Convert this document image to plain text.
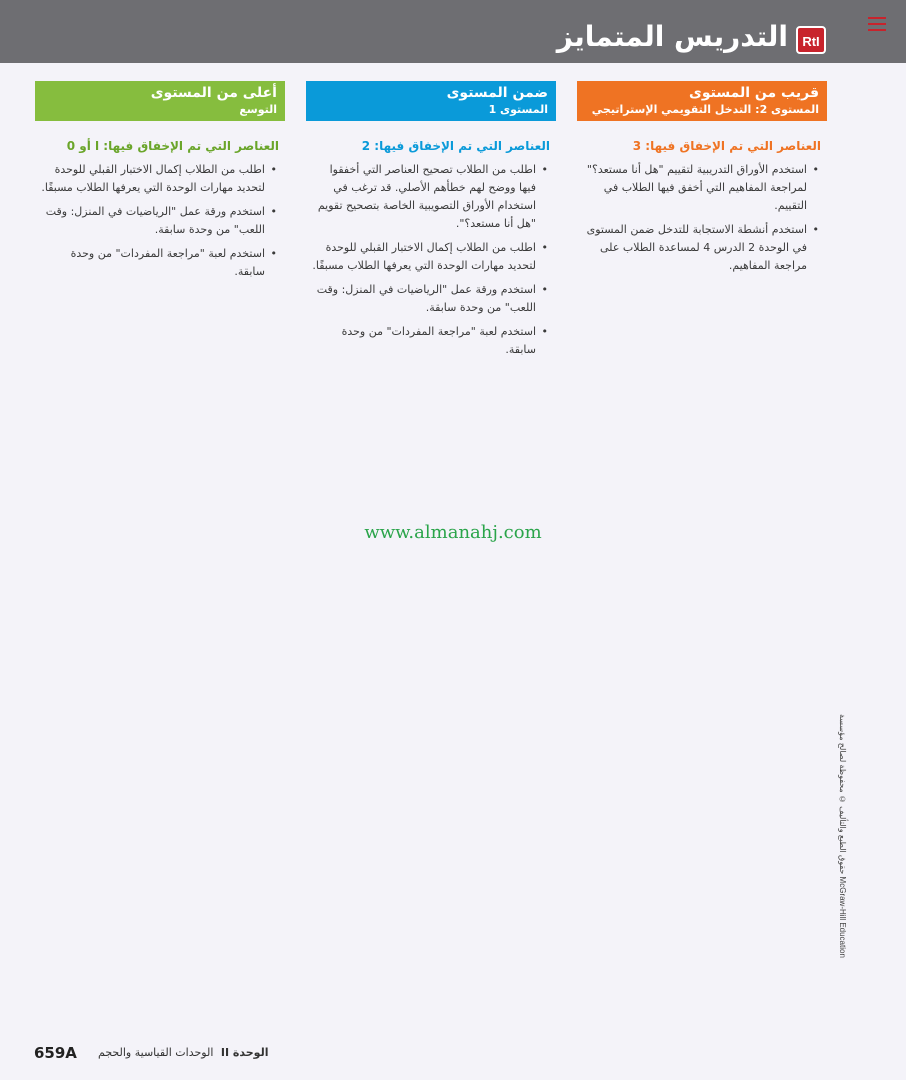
RtI
التدريس المتمايز
قريب من المستوى
المستوى 2: التدخل التقويمي الإستراتيجي
العناصر التي تم الإخفاق فيها: 3
• استخدم الأوراق التدريبية لتقييم "هل أنا مستعد؟" لمراجعة المفاهيم التي أخفق فيها الطلاب في التقييم.
• استخدم أنشطة الاستجابة للتدخل ضمن المستوى في الوحدة 2 الدرس 4 لمساعدة الطلاب على مراجعة المفاهيم.
ضمن المستوى
المستوى 1
العناصر التي تم الإخفاق فيها: 2
• اطلب من الطلاب تصحيح العناصر التي أخفقوا فيها ووضح لهم خطأهم الأصلي. قد ترغب في استخدام الأوراق التصويبية الخاصة بتصحيح تقويم "هل أنا مستعد؟".
• اطلب من الطلاب إكمال الاختبار القبلي للوحدة لتحديد مهارات الوحدة التي يعرفها الطلاب مسبقًا.
• استخدم ورقة عمل "الرياضيات في المنزل: وقت اللعب" من وحدة سابقة.
• استخدم لعبة "مراجعة المفردات" من وحدة سابقة.
أعلى من المستوى
التوسع
العناصر التي تم الإخفاق فيها: ا أو 0
• اطلب من الطلاب إكمال الاختبار القبلي للوحدة لتحديد مهارات الوحدة التي يعرفها الطلاب مسبقًا.
• استخدم ورقة عمل "الرياضيات في المنزل: وقت اللعب" من وحدة سابقة.
• استخدم لعبة "مراجعة المفردات" من وحدة سابقة.
www.almanahj.com
حقوق الطبع والتأليف © محفوظة لصالح مؤسسة McGraw-Hill Education
659A	الوحدة II الوحدات القياسية والحجم
